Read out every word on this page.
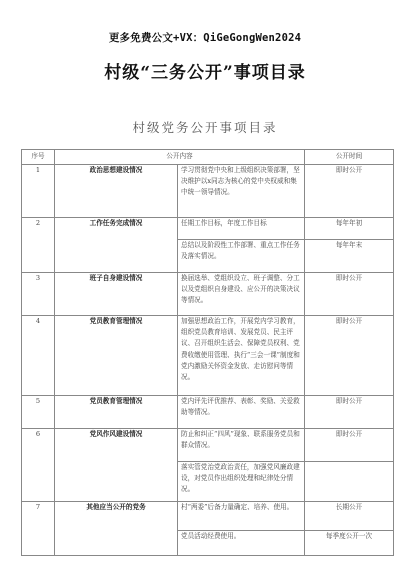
更多免费公文+VX：QiGeGongWen2024
村级“三务公开”事项目录
村级党务公开事项目录
序号	公开内容		公开时间
1	政治思想建设情况	学习贯彻党中央和上级组织决策部署，坚决维护以x同志为核心的党中央权威和集中统一领导情况。	即时公开
2	工作任务完成情况	任期工作目标，年度工作目标	每年年初
		总结以及阶段性工作部署、重点工作任务及落实情况。	每年年末
3	班子自身建设情况	换届选举、党组织设立、班子调整、分工以及党组织自身建设、应公开的决策决议等情况。	即时公开
4	党员教育管理情况	加强思想政治工作，开展党内学习教育，组织党员教育培训、发展党员、民主评议、召开组织生活会、保障党员权利、党费收缴使用管理、执行“三会一课”制度和党内激励关怀资金发放、走访慰问等情况。	即时公开
5	党员教育管理情况	党内评先评优推荐、表彰、奖励、关爱救助等情况。	即时公开
6	党风作风建设情况	防止和纠正“四风”现象、联系服务党员和群众情况。	即时公开
		落实管党治党政治责任，加强党风廉政建设，对党员作出组织处理和纪律处分情况。	
7	其他应当公开的党务	村“两委”后备力量确定、培养、使用。	长期公开
		党员活动经费使用。	每季度公开一次
